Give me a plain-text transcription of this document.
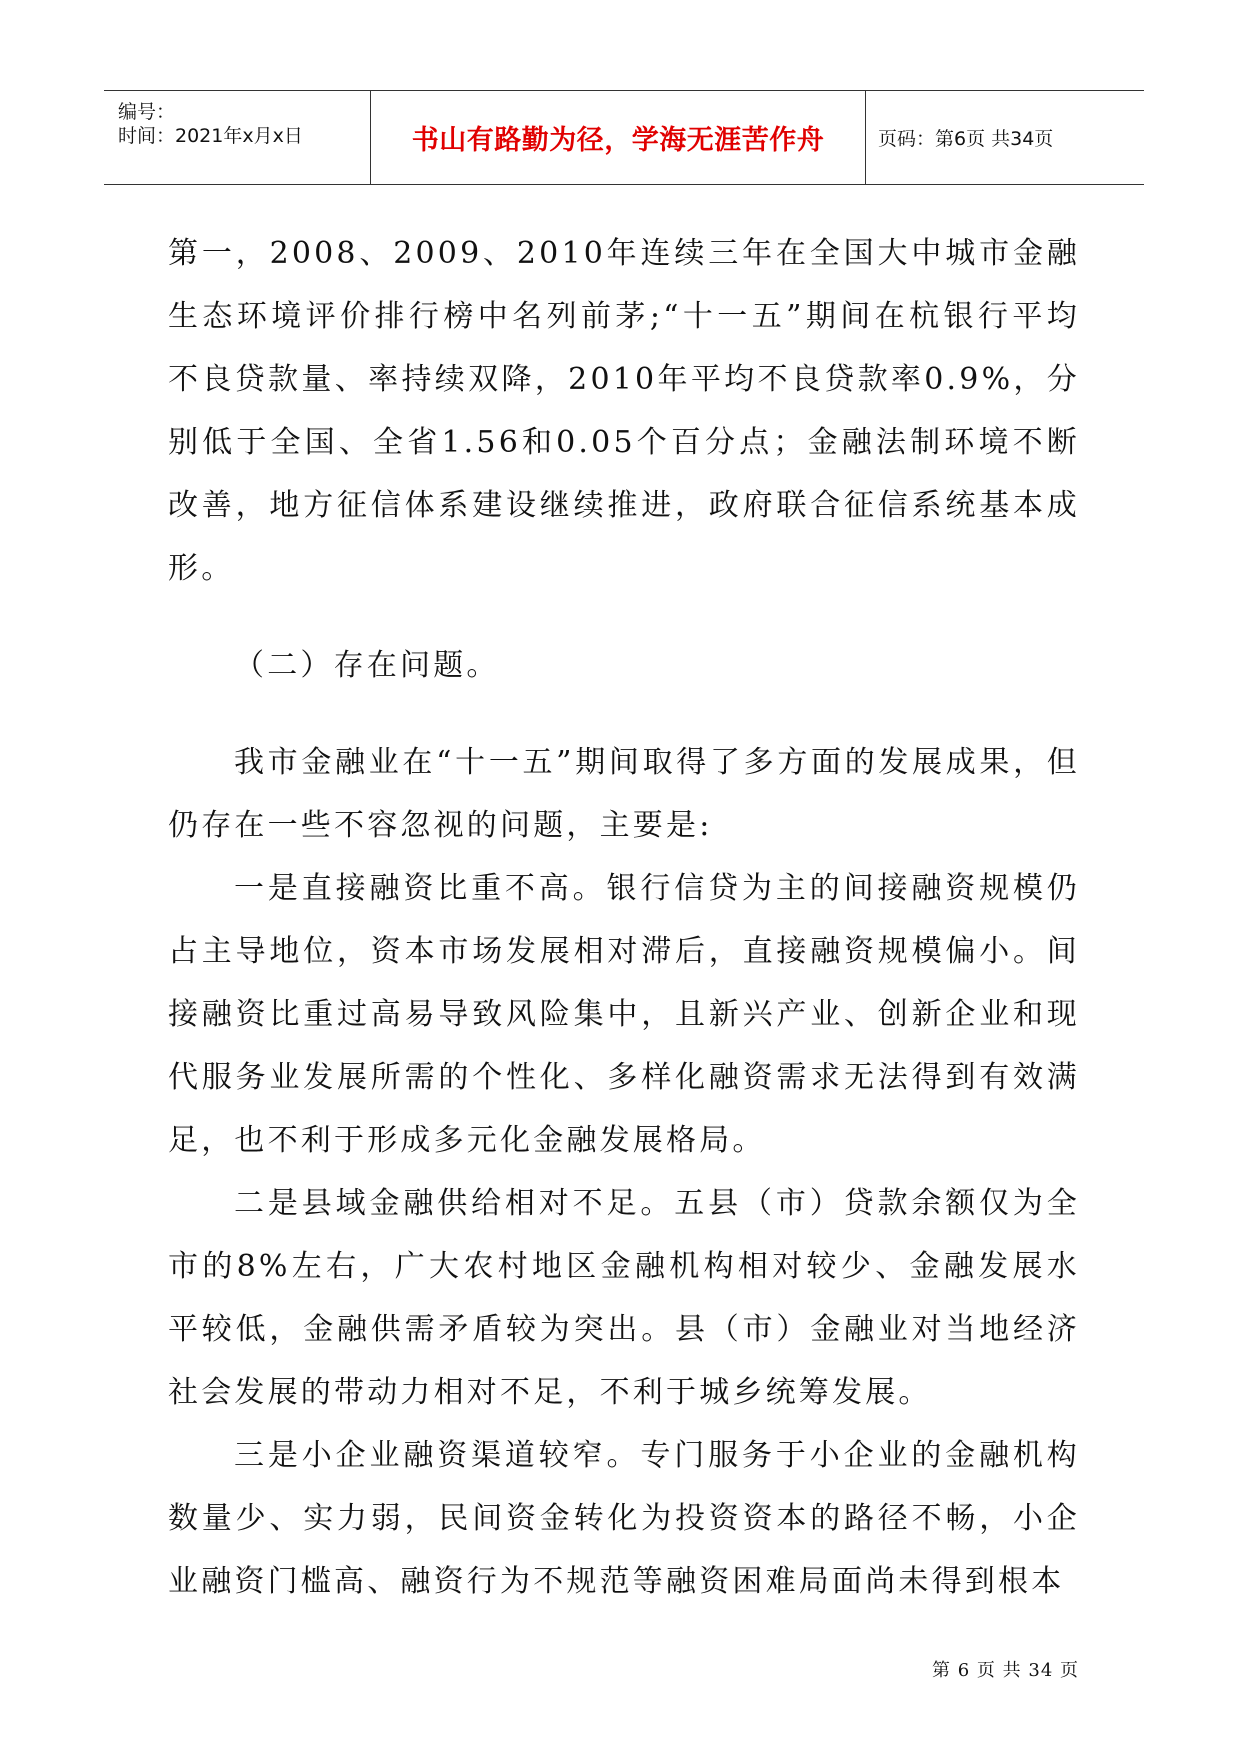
编号：
时间：2021年x月x日	书山有路勤为径，学海无涯苦作舟	页码：第6页 共34页

第一，2008、2009、2010年连续三年在全国大中城市金融生态环境评价排行榜中名列前茅;“十一五”期间在杭银行平均不良贷款量、率持续双降，2010年平均不良贷款率0.9%，分别低于全国、全省1.56和0.05个百分点；金融法制环境不断改善，地方征信体系建设继续推进，政府联合征信系统基本成形。

（二）存在问题。

我市金融业在“十一五”期间取得了多方面的发展成果，但仍存在一些不容忽视的问题，主要是:

一是直接融资比重不高。银行信贷为主的间接融资规模仍占主导地位，资本市场发展相对滞后，直接融资规模偏小。间接融资比重过高易导致风险集中，且新兴产业、创新企业和现代服务业发展所需的个性化、多样化融资需求无法得到有效满足，也不利于形成多元化金融发展格局。

二是县域金融供给相对不足。五县（市）贷款余额仅为全市的8%左右，广大农村地区金融机构相对较少、金融发展水平较低，金融供需矛盾较为突出。县（市）金融业对当地经济社会发展的带动力相对不足，不利于城乡统筹发展。

三是小企业融资渠道较窄。专门服务于小企业的金融机构数量少、实力弱，民间资金转化为投资资本的路径不畅，小企业融资门槛高、融资行为不规范等融资困难局面尚未得到根本

第 6 页 共 34 页
